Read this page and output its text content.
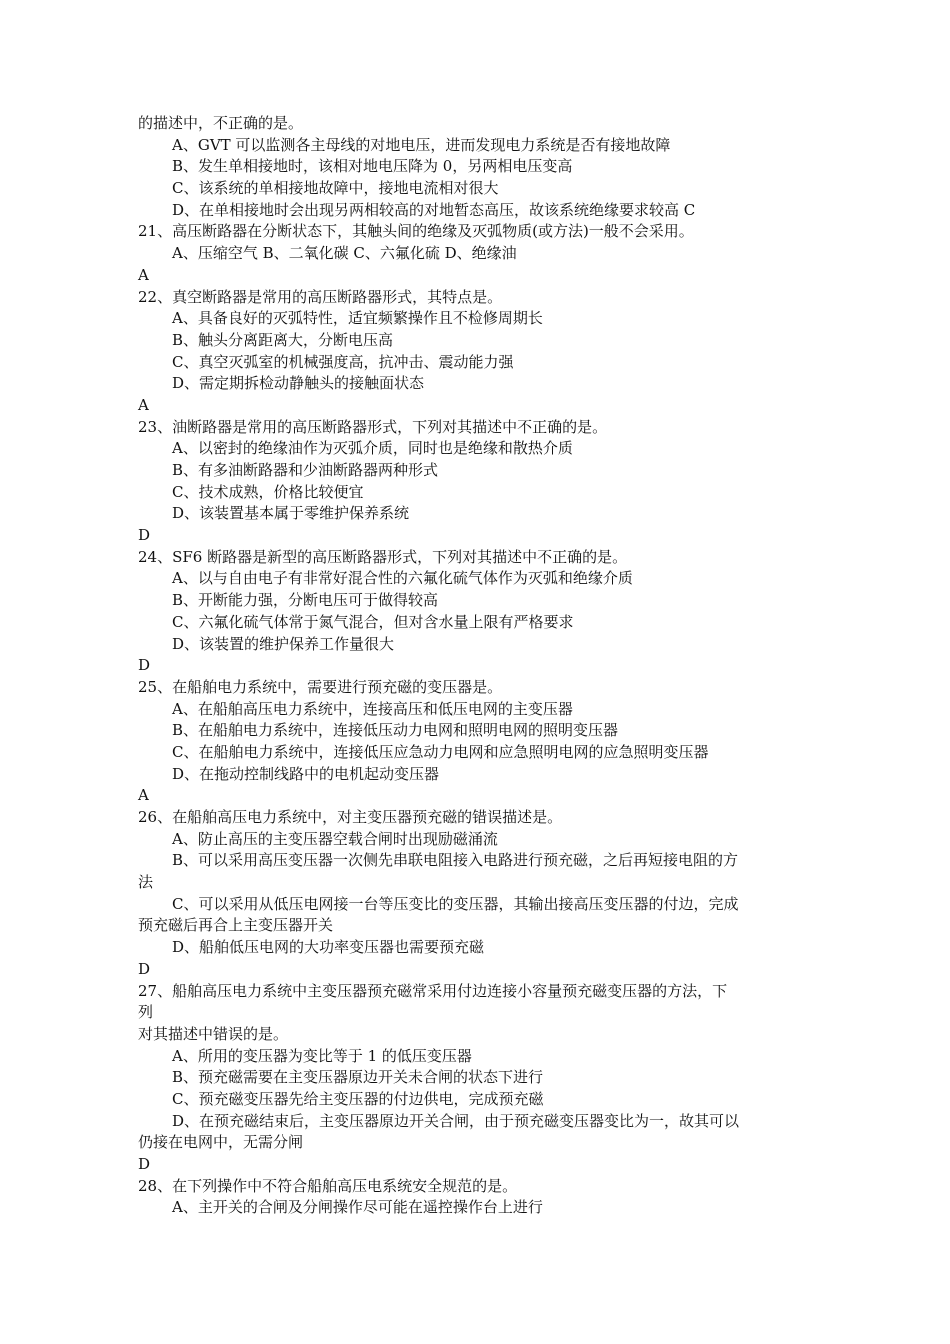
的描述中，不正确的是。
A、GVT 可以监测各主母线的对地电压，进而发现电力系统是否有接地故障
B、发生单相接地时，该相对地电压降为 0，另两相电压变高
C、该系统的单相接地故障中，接地电流相对很大
D、在单相接地时会出现另两相较高的对地暂态高压，故该系统绝缘要求较高 C
21、高压断路器在分断状态下，其触头间的绝缘及灭弧物质(或方法)一般不会采用。
A、压缩空气 B、二氧化碳 C、六氟化硫 D、绝缘油
A
22、真空断路器是常用的高压断路器形式，其特点是。
A、具备良好的灭弧特性，适宜频繁操作且不检修周期长
B、触头分离距离大，分断电压高
C、真空灭弧室的机械强度高，抗冲击、震动能力强
D、需定期拆检动静触头的接触面状态
A
23、油断路器是常用的高压断路器形式，下列对其描述中不正确的是。
A、以密封的绝缘油作为灭弧介质，同时也是绝缘和散热介质
B、有多油断路器和少油断路器两种形式
C、技术成熟，价格比较便宜
D、该装置基本属于零维护保养系统
D
24、SF6 断路器是新型的高压断路器形式，下列对其描述中不正确的是。
A、以与自由电子有非常好混合性的六氟化硫气体作为灭弧和绝缘介质
B、开断能力强，分断电压可于做得较高
C、六氟化硫气体常于氮气混合，但对含水量上限有严格要求
D、该装置的维护保养工作量很大
D
25、在船舶电力系统中，需要进行预充磁的变压器是。
A、在船舶高压电力系统中，连接高压和低压电网的主变压器
B、在船舶电力系统中，连接低压动力电网和照明电网的照明变压器
C、在船舶电力系统中，连接低压应急动力电网和应急照明电网的应急照明变压器
D、在拖动控制线路中的电机起动变压器
A
26、在船舶高压电力系统中，对主变压器预充磁的错误描述是。
A、防止高压的主变压器空载合闸时出现励磁涌流
B、可以采用高压变压器一次侧先串联电阻接入电路进行预充磁，之后再短接电阻的方
法
C、可以采用从低压电网接一台等压变比的变压器，其输出接高压变压器的付边，完成
预充磁后再合上主变压器开关
D、船舶低压电网的大功率变压器也需要预充磁
D
27、船舶高压电力系统中主变压器预充磁常采用付边连接小容量预充磁变压器的方法，下
列
对其描述中错误的是。
A、所用的变压器为变比等于 1 的低压变压器
B、预充磁需要在主变压器原边开关未合闸的状态下进行
C、预充磁变压器先给主变压器的付边供电，完成预充磁
D、在预充磁结束后，主变压器原边开关合闸，由于预充磁变压器变比为一，故其可以
仍接在电网中，无需分闸
D
28、在下列操作中不符合船舶高压电系统安全规范的是。
A、主开关的合闸及分闸操作尽可能在遥控操作台上进行
